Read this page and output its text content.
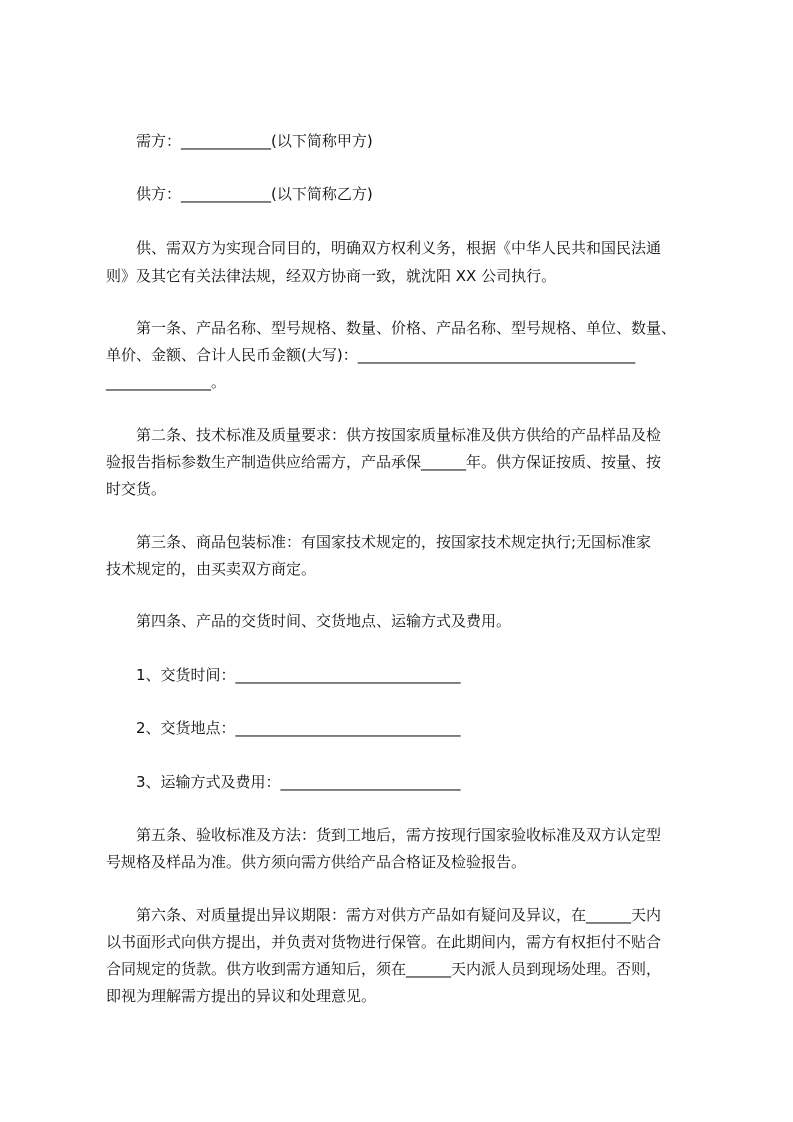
需方：____________(以下简称甲方)
供方：____________(以下简称乙方)
供、需双方为实现合同目的，明确双方权利义务，根据《中华人民共和国民法通
则》及其它有关法律法规，经双方协商一致，就沈阳 XX 公司执行。
第一条、产品名称、型号规格、数量、价格、产品名称、型号规格、单位、数量、
单价、金额、合计人民币金额(大写)：_____________________________________
______________。
第二条、技术标准及质量要求：供方按国家质量标准及供方供给的产品样品及检
验报告指标参数生产制造供应给需方，产品承保______年。供方保证按质、按量、按
时交货。
第三条、商品包装标准：有国家技术规定的，按国家技术规定执行;无国标准家
技术规定的，由买卖双方商定。
第四条、产品的交货时间、交货地点、运输方式及费用。
1、交货时间：______________________________
2、交货地点：______________________________
3、运输方式及费用：________________________
第五条、验收标准及方法：货到工地后，需方按现行国家验收标准及双方认定型
号规格及样品为准。供方须向需方供给产品合格证及检验报告。
第六条、对质量提出异议期限：需方对供方产品如有疑问及异议，在______天内
以书面形式向供方提出，并负责对货物进行保管。在此期间内，需方有权拒付不贴合
合同规定的货款。供方收到需方通知后，须在______天内派人员到现场处理。否则，
即视为理解需方提出的异议和处理意见。
